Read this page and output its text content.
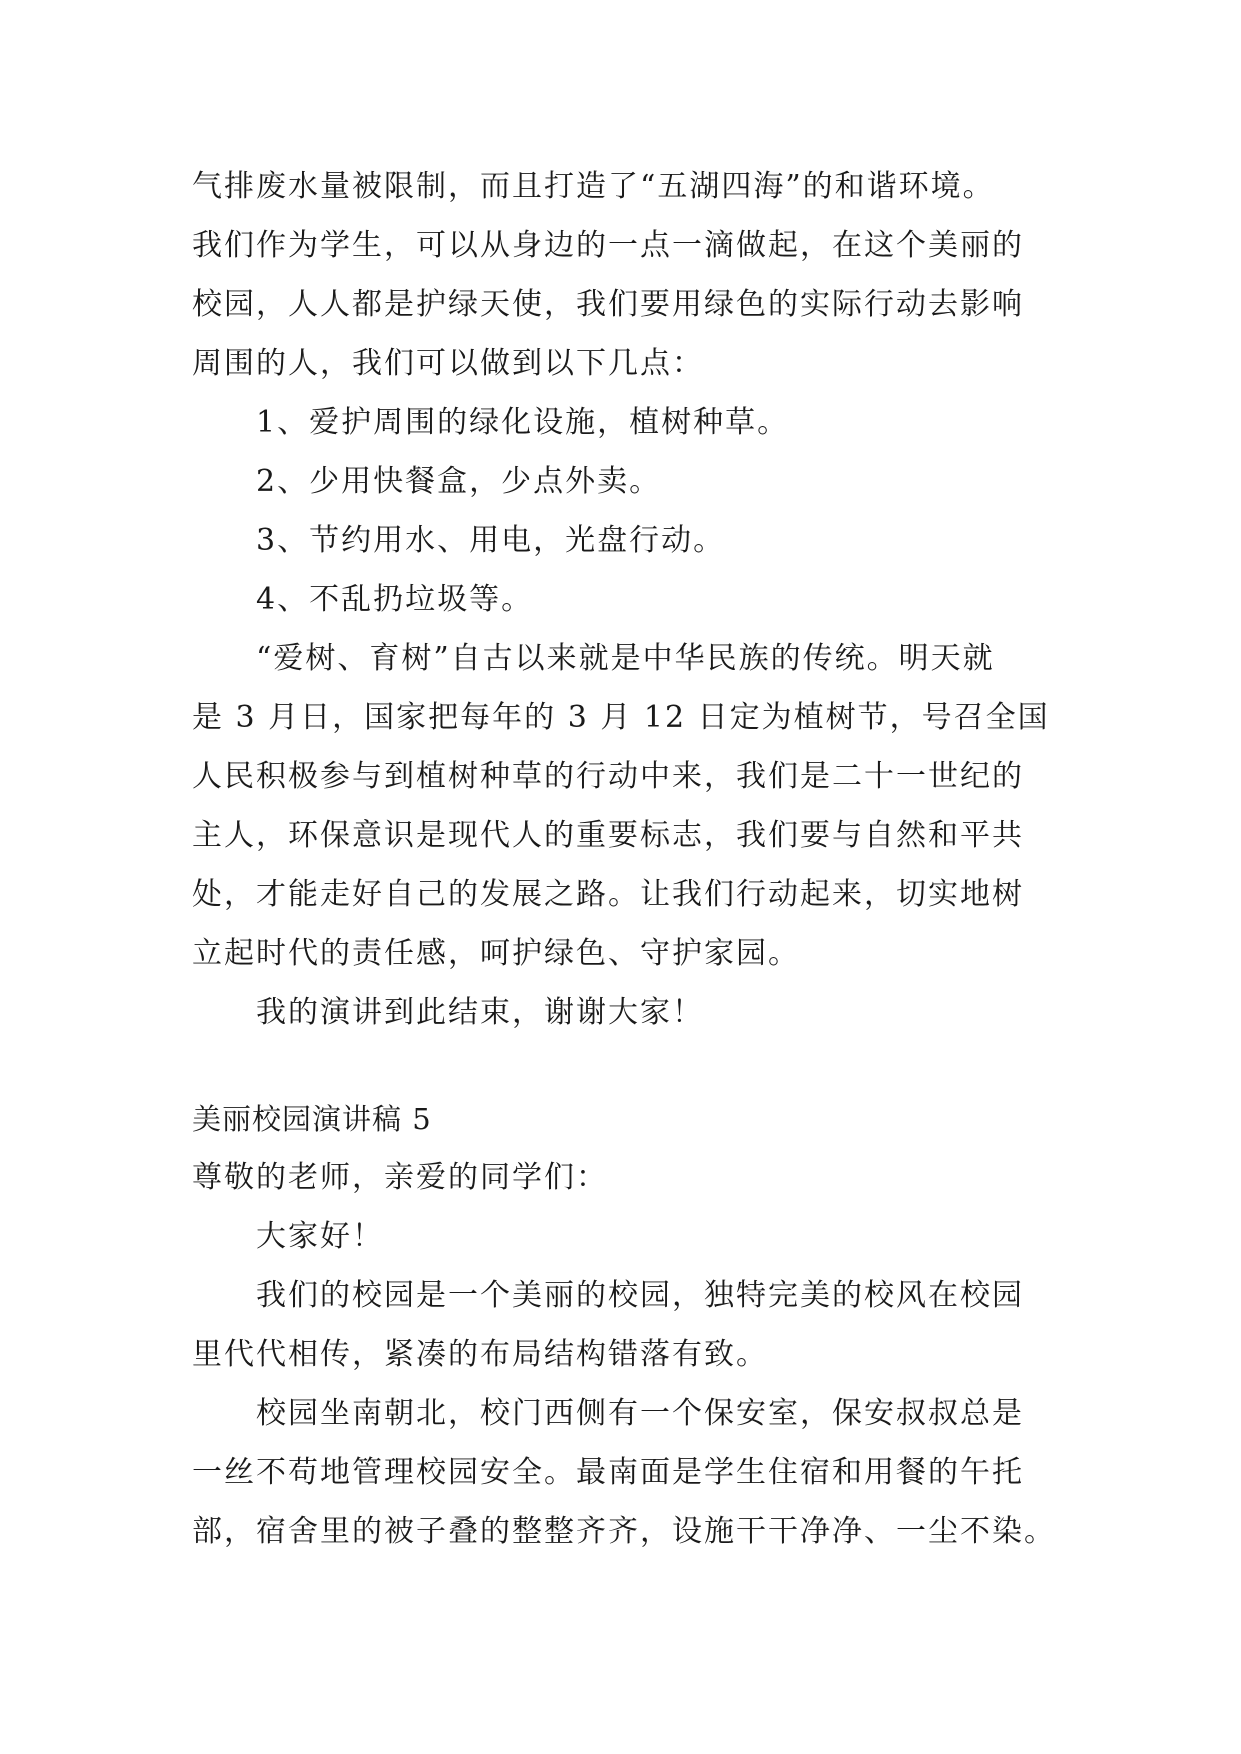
气排废水量被限制，而且打造了“五湖四海”的和谐环境。
我们作为学生，可以从身边的一点一滴做起，在这个美丽的
校园，人人都是护绿天使，我们要用绿色的实际行动去影响
周围的人，我们可以做到以下几点：
1、爱护周围的绿化设施，植树种草。
2、少用快餐盒，少点外卖。
3、节约用水、用电，光盘行动。
4、不乱扔垃圾等。
“爱树、育树”自古以来就是中华民族的传统。明天就
是 3 月日，国家把每年的 3 月 12 日定为植树节，号召全国
人民积极参与到植树种草的行动中来，我们是二十一世纪的
主人，环保意识是现代人的重要标志，我们要与自然和平共
处，才能走好自己的发展之路。让我们行动起来，切实地树
立起时代的责任感，呵护绿色、守护家园。
我的演讲到此结束，谢谢大家！
美丽校园演讲稿 5
尊敬的老师，亲爱的同学们：
大家好！
我们的校园是一个美丽的校园，独特完美的校风在校园
里代代相传，紧凑的布局结构错落有致。
校园坐南朝北，校门西侧有一个保安室，保安叔叔总是
一丝不苟地管理校园安全。最南面是学生住宿和用餐的午托
部，宿舍里的被子叠的整整齐齐，设施干干净净、一尘不染。
